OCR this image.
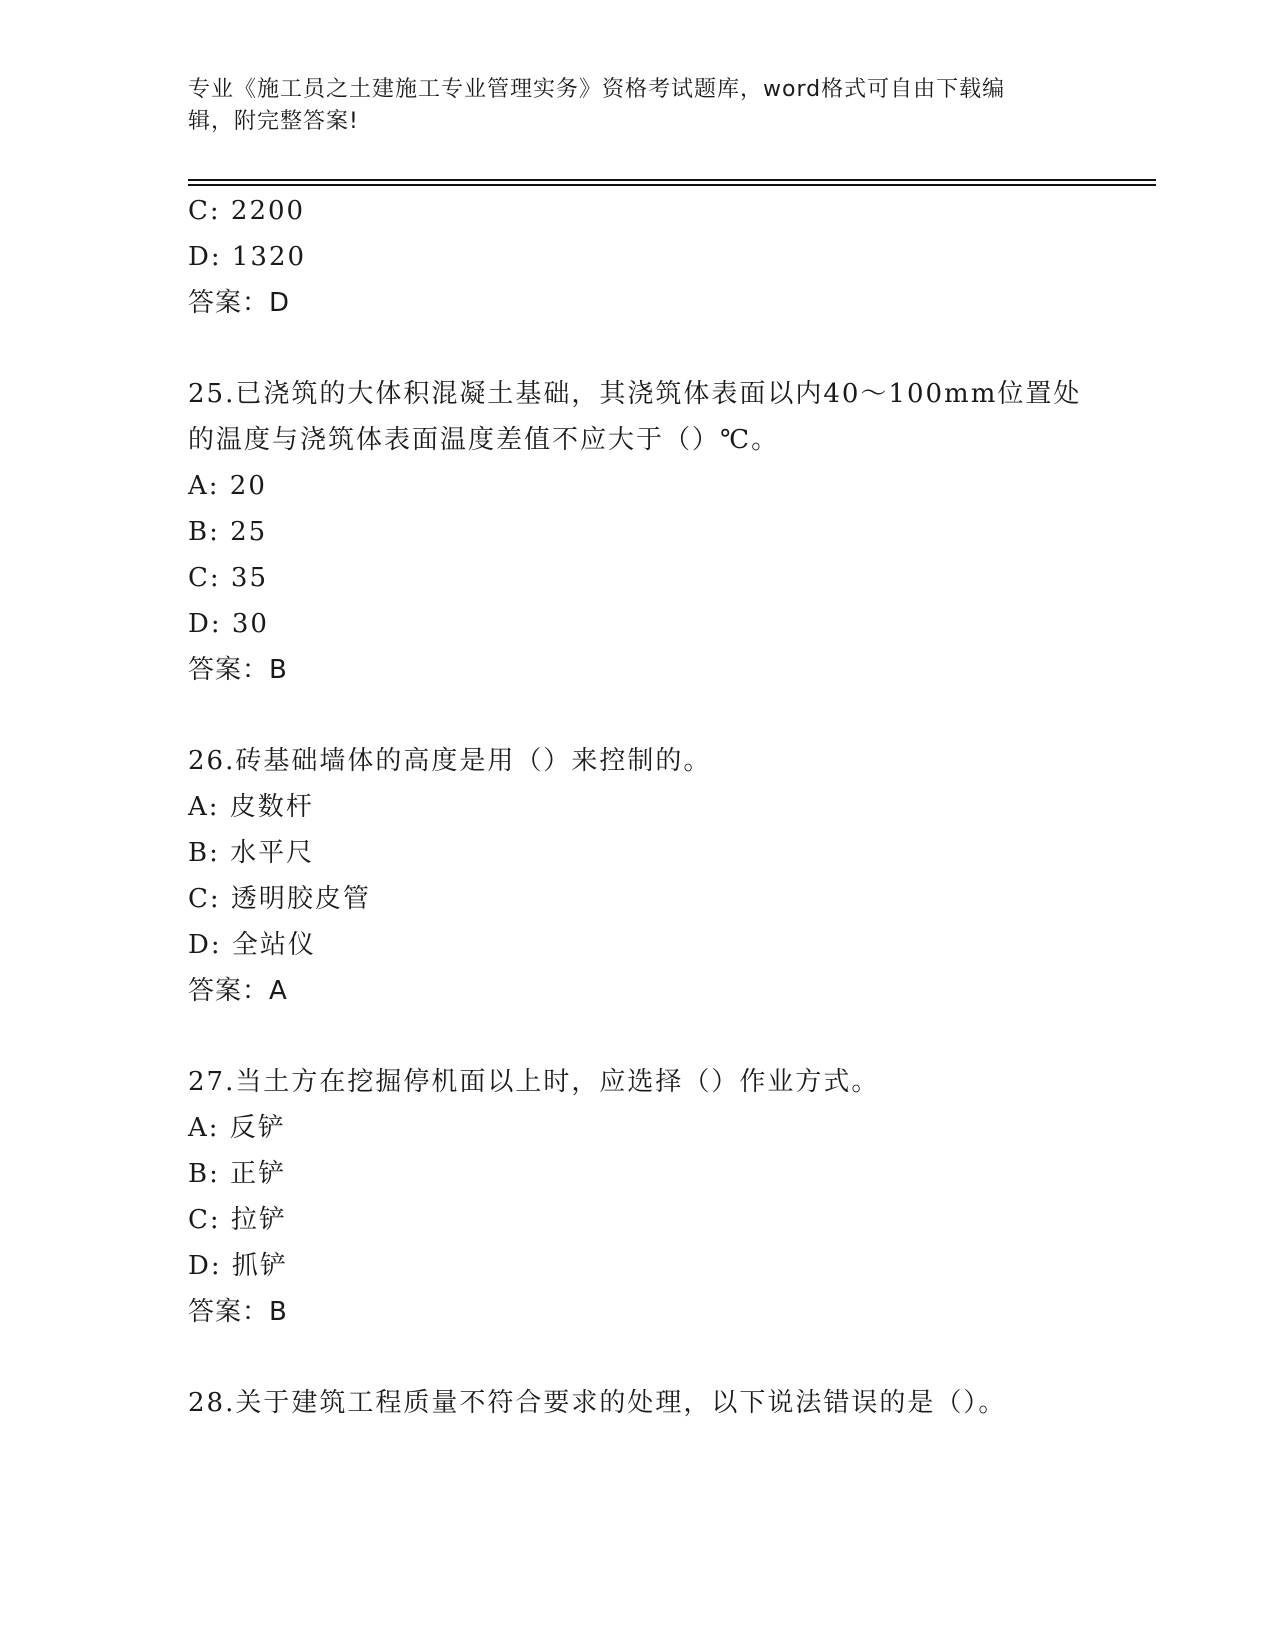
专业《施工员之土建施工专业管理实务》资格考试题库，word格式可自由下载编
辑，附完整答案!
C: 2200
D: 1320
答案：D
25.已浇筑的大体积混凝土基础，其浇筑体表面以内40～100mm位置处
的温度与浇筑体表面温度差值不应大于（）℃。
A: 20
B: 25
C: 35
D: 30
答案：B
26.砖基础墙体的高度是用（）来控制的。
A: 皮数杆
B: 水平尺
C: 透明胶皮管
D: 全站仪
答案：A
27.当土方在挖掘停机面以上时，应选择（）作业方式。
A: 反铲
B: 正铲
C: 拉铲
D: 抓铲
答案：B
28.关于建筑工程质量不符合要求的处理，以下说法错误的是（）。
